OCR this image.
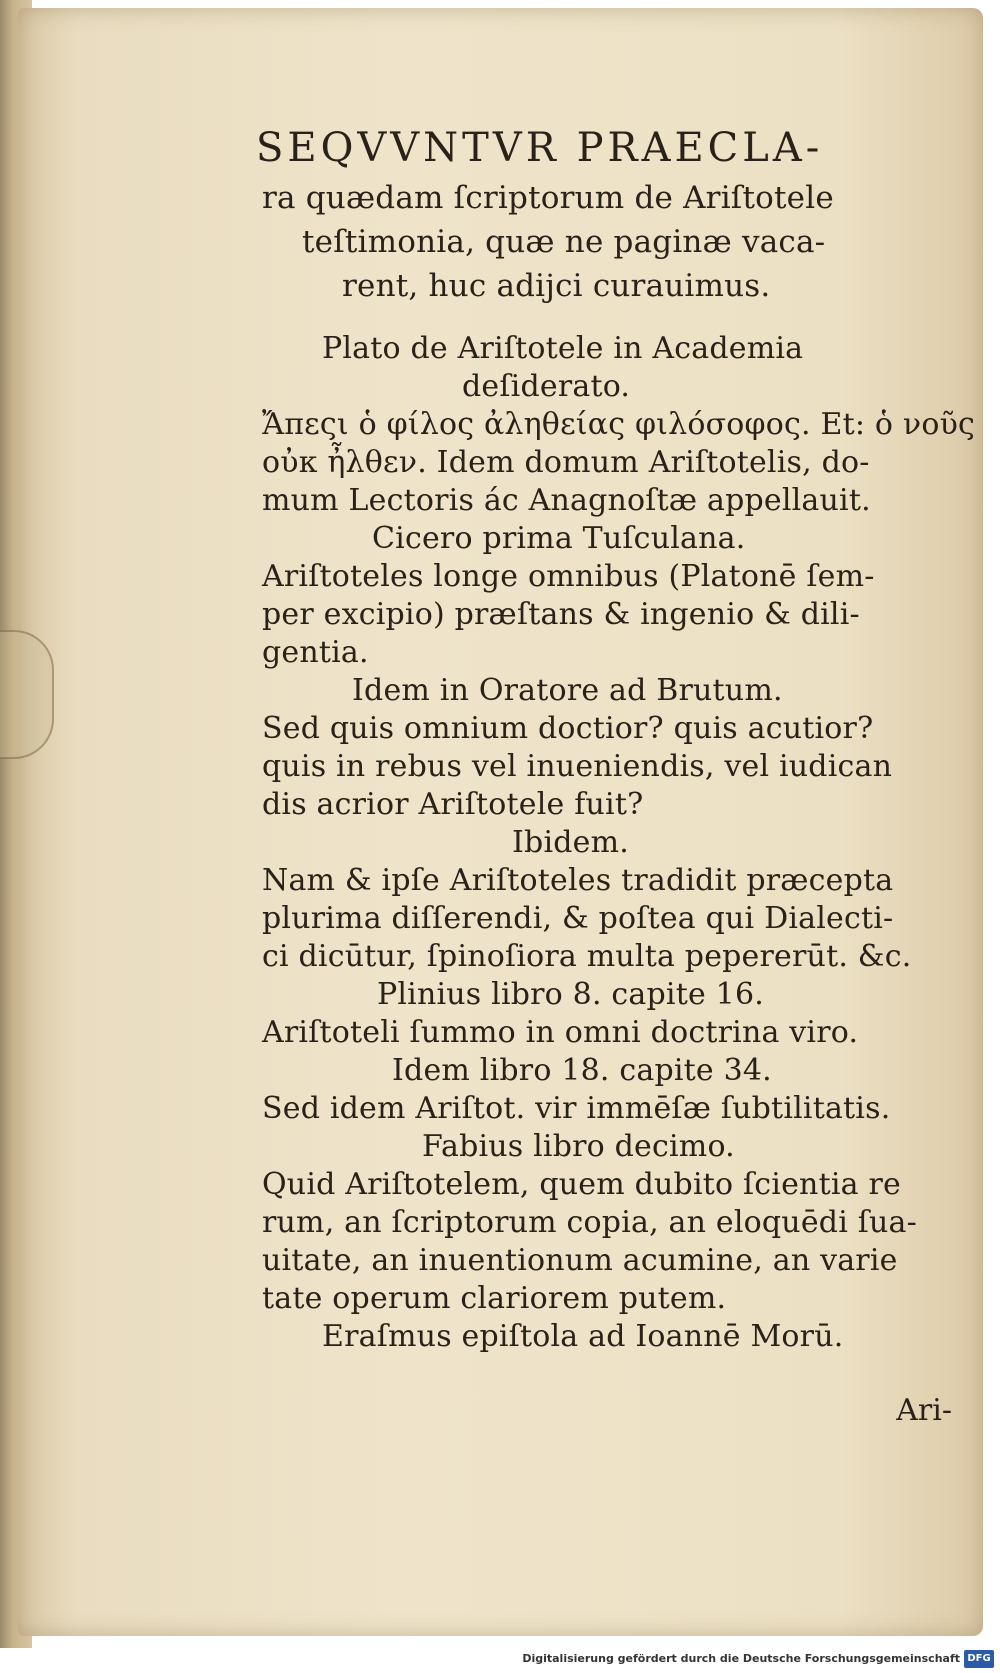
SEQVVNTVR PRAECLA-
ra quædam ſcriptorum de Ariſtotele
teſtimonia, quæ ne paginæ vaca-
rent, huc adijci curauimus.
Plato de Ariſtotele in Academia
deſiderato.
Ἄπεςι ὁ φίλος ἀληθείας φιλόσοφος. Et: ὁ νοῦς
οὐκ ἦλθεν. Idem domum Ariſtotelis, do-
mum Lectoris ác Anagnoſtæ appellauit.
Cicero prima Tuſculana.
Ariſtoteles longe omnibus (Platonē ſem-
per excipio) præſtans & ingenio & dili-
gentia.
Idem in Oratore ad Brutum.
Sed quis omnium doctior? quis acutior?
quis in rebus vel inueniendis, vel iudican
dis acrior Ariſtotele fuit?
Ibidem.
Nam & ipſe Ariſtoteles tradidit præcepta
plurima diſſerendi, & poſtea qui Dialecti-
ci dicūtur, ſpinoſiora multa pepererūt. &c.
Plinius libro 8. capite 16.
Ariſtoteli ſummo in omni doctrina viro.
Idem libro 18. capite 34.
Sed idem Ariſtot. vir immēſæ ſubtilitatis.
Fabius libro decimo.
Quid Ariſtotelem, quem dubito ſcientia re
rum, an ſcriptorum copia, an eloquēdi ſua-
uitate, an inuentionum acumine, an varie
tate operum clariorem putem.
Eraſmus epiſtola ad Ioannē Morū.
Ari-
Digitalisierung gefördert durch die Deutsche Forschungsgemeinschaft DFG
